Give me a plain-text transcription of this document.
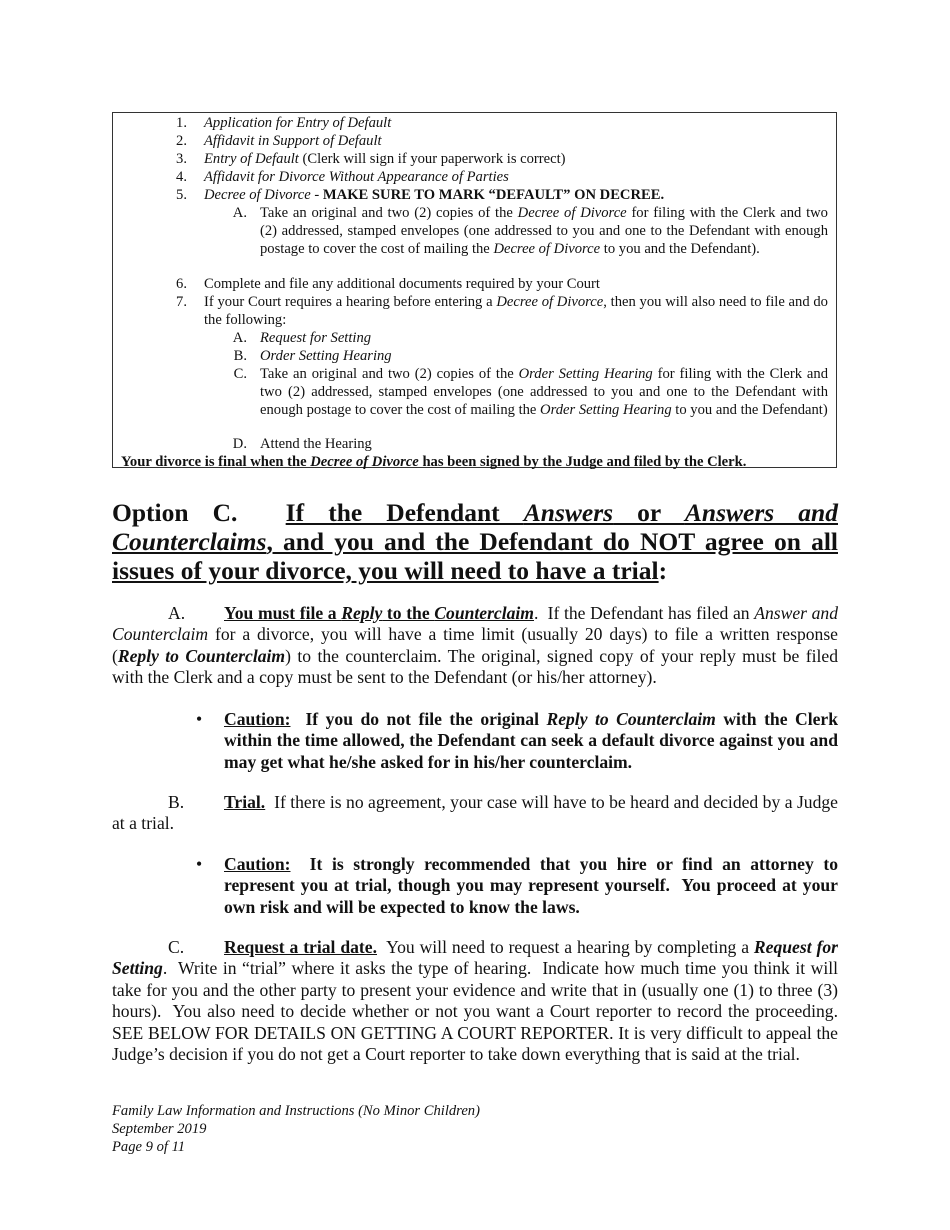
1. Application for Entry of Default
2. Affidavit in Support of Default
3. Entry of Default (Clerk will sign if your paperwork is correct)
4. Affidavit for Divorce Without Appearance of Parties
5. Decree of Divorce - MAKE SURE TO MARK “DEFAULT” ON DECREE.
A. Take an original and two (2) copies of the Decree of Divorce for filing with the Clerk and two (2) addressed, stamped envelopes (one addressed to you and one to the Defendant with enough postage to cover the cost of mailing the Decree of Divorce to you and the Defendant).
6. Complete and file any additional documents required by your Court
7. If your Court requires a hearing before entering a Decree of Divorce, then you will also need to file and do the following:
A. Request for Setting
B. Order Setting Hearing
C. Take an original and two (2) copies of the Order Setting Hearing for filing with the Clerk and two (2) addressed, stamped envelopes (one addressed to you and one to the Defendant with enough postage to cover the cost of mailing the Order Setting Hearing to you and the Defendant)
D. Attend the Hearing
Your divorce is final when the Decree of Divorce has been signed by the Judge and filed by the Clerk.
Option C. If the Defendant Answers or Answers and Counterclaims, and you and the Defendant do NOT agree on all issues of your divorce, you will need to have a trial:
A. You must file a Reply to the Counterclaim.  If the Defendant has filed an Answer and Counterclaim for a divorce, you will have a time limit (usually 20 days) to file a written response (Reply to Counterclaim) to the counterclaim. The original, signed copy of your reply must be filed with the Clerk and a copy must be sent to the Defendant (or his/her attorney).
• Caution:  If you do not file the original Reply to Counterclaim with the Clerk within the time allowed, the Defendant can seek a default divorce against you and may get what he/she asked for in his/her counterclaim.
B. Trial.  If there is no agreement, your case will have to be heard and decided by a Judge at a trial.
• Caution:  It is strongly recommended that you hire or find an attorney to represent you at trial, though you may represent yourself.  You proceed at your own risk and will be expected to know the laws.
C. Request a trial date.  You will need to request a hearing by completing a Request for Setting.  Write in “trial” where it asks the type of hearing.  Indicate how much time you think it will take for you and the other party to present your evidence and write that in (usually one (1) to three (3) hours).  You also need to decide whether or not you want a Court reporter to record the proceeding.  SEE BELOW FOR DETAILS ON GETTING A COURT REPORTER. It is very difficult to appeal the Judge’s decision if you do not get a Court reporter to take down everything that is said at the trial.
Family Law Information and Instructions (No Minor Children)
September 2019
Page 9 of 11
